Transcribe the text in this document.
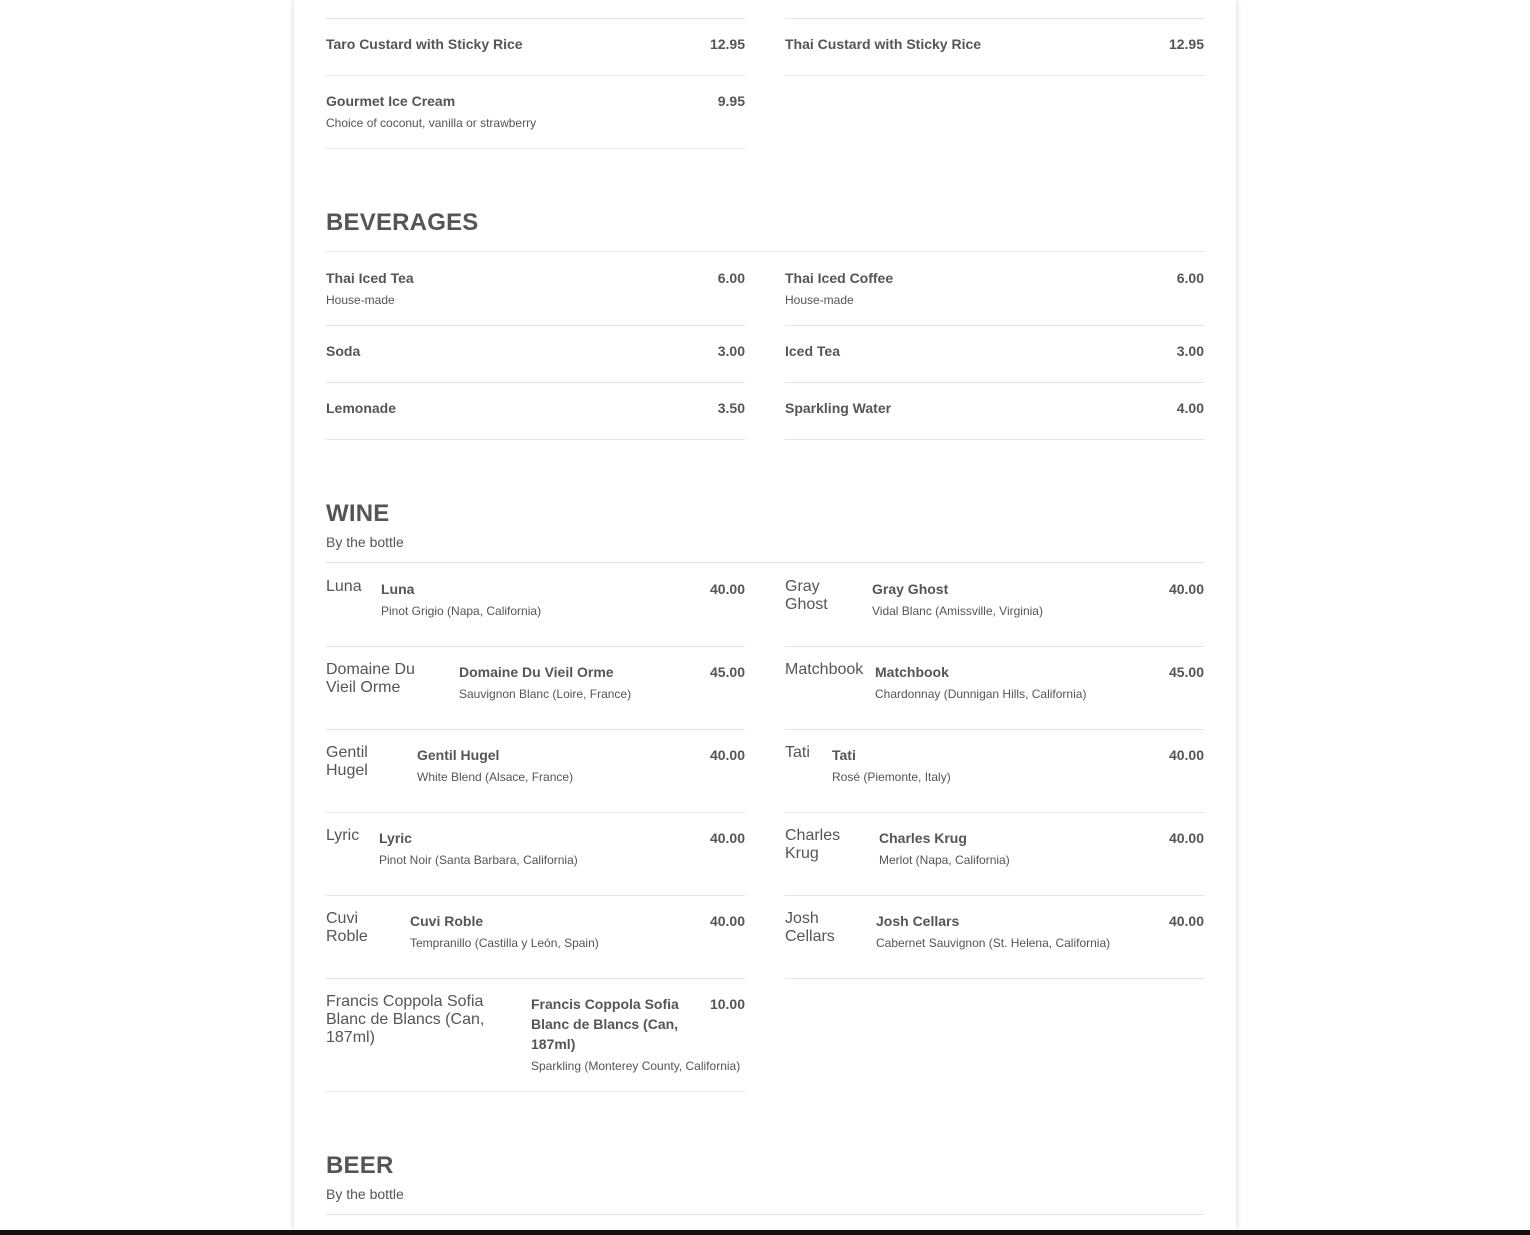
Taro Custard with Sticky Rice	12.95	Thai Custard with Sticky Rice	12.95
Gourmet Ice Cream	9.95
Choice of coconut, vanilla or strawberry
BEVERAGES
Thai Iced Tea	6.00
House-made
Thai Iced Coffee	6.00
House-made
Soda	3.00	Iced Tea	3.00
Lemonade	3.50	Sparkling Water	4.00
WINE
By the bottle
Luna	Luna	40.00
Pinot Grigio (Napa, California)
Gray Ghost
Gray Ghost	40.00
Vidal Blanc (Amissville, Virginia)
Domaine Du Vieil Orme
Domaine Du Vieil Orme	45.00
Sauvignon Blanc (Loire, France)
Matchbook Matchbook	45.00
Chardonnay (Dunnigan Hills, California)
Gentil Hugel
Gentil Hugel	40.00
White Blend (Alsace, France)
Tati	Tati	40.00
Rosé (Piemonte, Italy)
Lyric	Lyric	40.00
Pinot Noir (Santa Barbara, California)
Charles Krug
Charles Krug	40.00
Merlot (Napa, California)
Cuvi Roble
Cuvi Roble	40.00
Tempranillo (Castilla y León, Spain)
Josh Cellars
Josh Cellars	40.00
Cabernet Sauvignon (St. Helena, California)
Francis Coppola Sofia Blanc de Blancs (Can, 187ml)
Francis Coppola Sofia Blanc de Blancs (Can, 187ml)
10.00
Sparkling (Monterey County, California)
BEER
By the bottle
